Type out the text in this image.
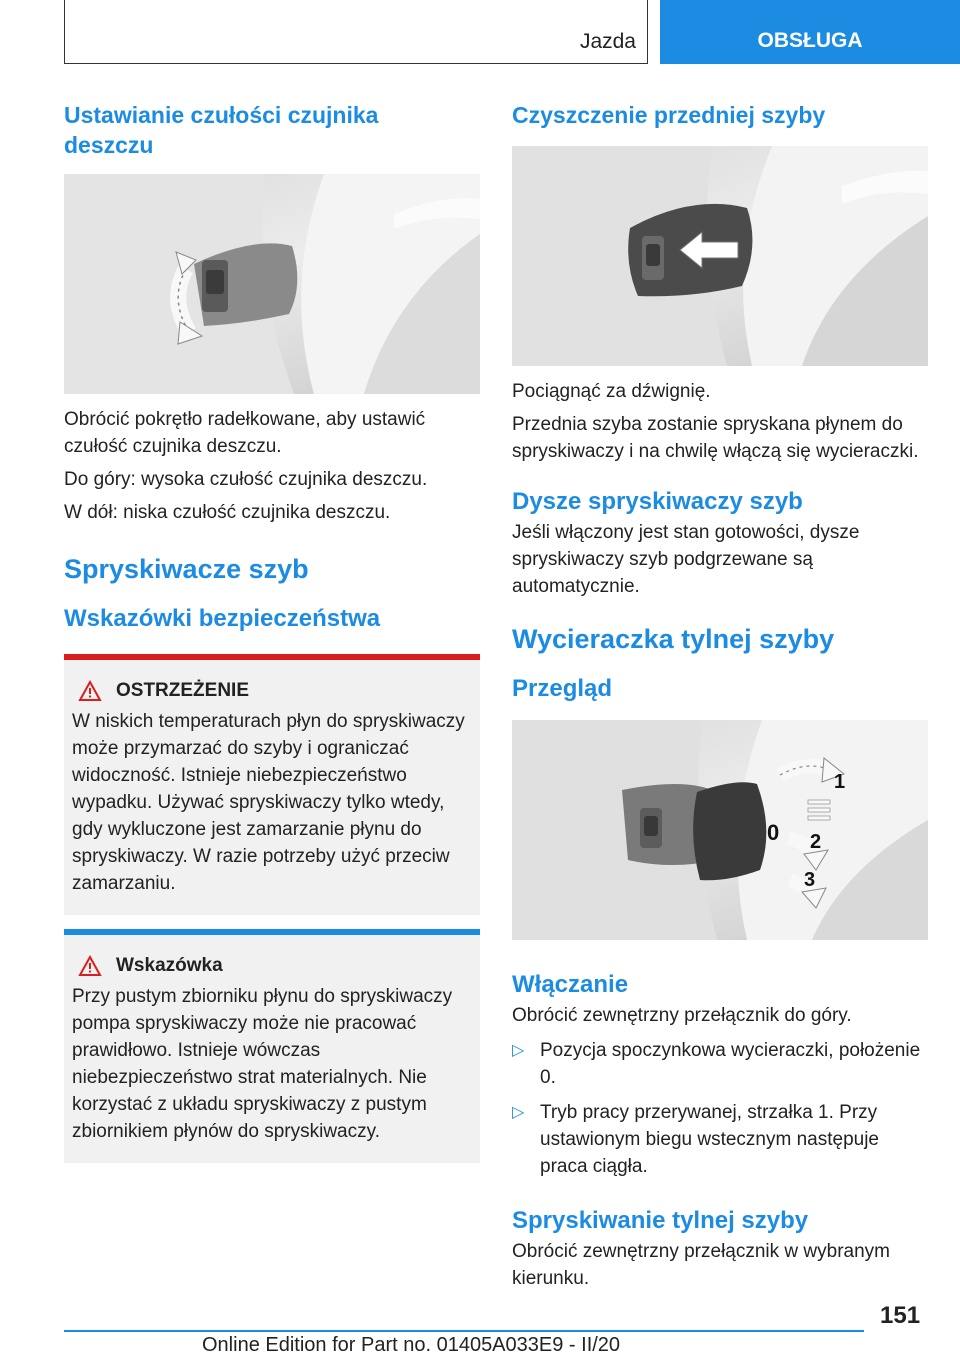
Jazda	OBSŁUGA
Ustawianie czułości czujnika deszczu

Obrócić pokrętło radełkowane, aby ustawić czułość czujnika deszczu.

Do góry: wysoka czułość czujnika deszczu.

W dół: niska czułość czujnika deszczu.

Spryskiwacze szyb
Wskazówki bezpieczeństwa
OSTRZEŻENIE

W niskich temperaturach płyn do spryskiwaczy może przymarzać do szyby i ograniczać widoczność. Istnieje niebezpieczeństwo wypadku. Używać spryskiwaczy tylko wtedy, gdy wykluczone jest zamarzanie płynu do spryskiwaczy. W razie potrzeby użyć przeciw zamarzaniu.

Wskazówka

Przy pustym zbiorniku płynu do spryskiwaczy pompa spryskiwaczy może nie pracować prawidłowo. Istnieje wówczas niebezpieczeństwo strat materialnych. Nie korzystać z układu spryskiwaczy z pustym zbiornikiem płynów do spryskiwaczy.

Czyszczenie przedniej szyby

Pociągnąć za dźwignię.

Przednia szyba zostanie spryskana płynem do spryskiwaczy i na chwilę włączą się wycieraczki.

Dysze spryskiwaczy szyb

Jeśli włączony jest stan gotowości, dysze spryskiwaczy szyb podgrzewane są automatycznie.

Wycieraczka tylnej szyby
Przegląd
1
0 2
3
Włączanie

Obrócić zewnętrzny przełącznik do góry.

▷ Pozycja spoczynkowa wycieraczki, położenie 0.
▷ Tryb pracy przerywanej, strzałka 1. Przy ustawionym biegu wstecznym następuje praca ciągła.
Spryskiwanie tylnej szyby

Obrócić zewnętrzny przełącznik w wybranym kierunku.

151
Online Edition for Part no. 01405A033E9 - II/20
